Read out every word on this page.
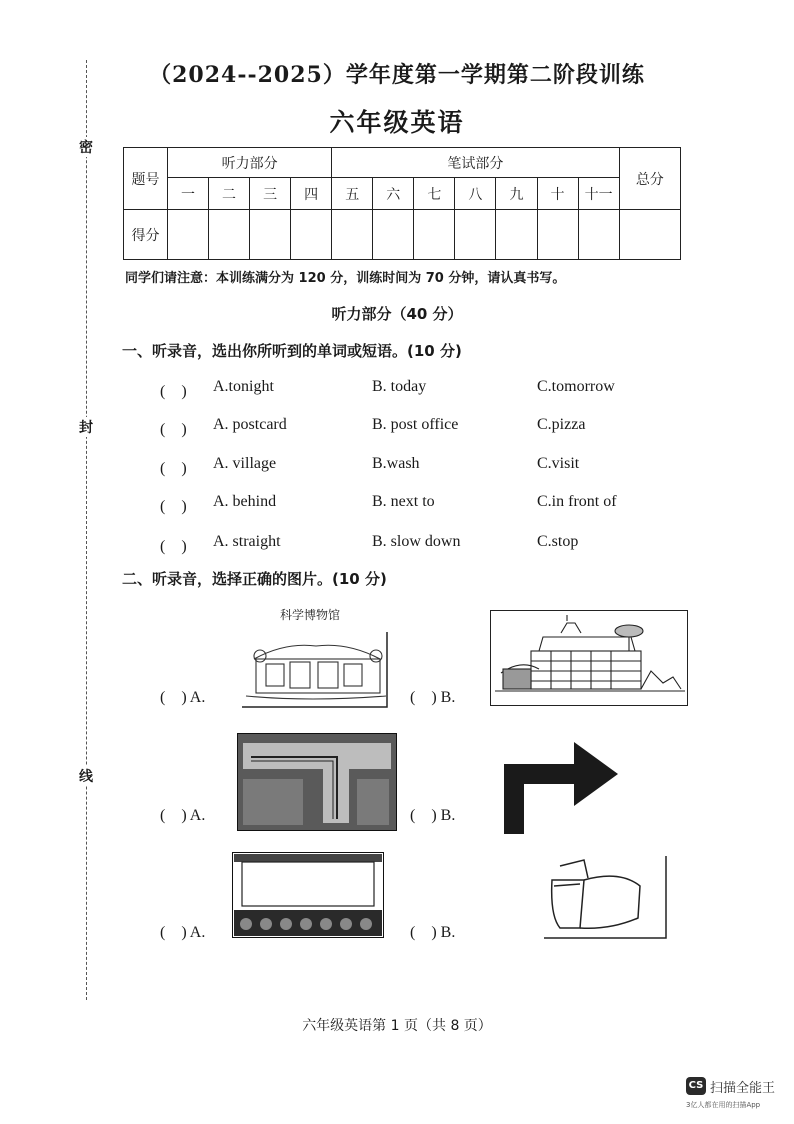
密
封
线
（2024--2025）学年度第一学期第二阶段训练
六年级英语
题号	听力部分				笔试部分							总分
	一	二	三	四	五	六	七	八	九	十	十一	
得分												
同学们请注意：本训练满分为 120 分，训练时间为 70 分钟，请认真书写。
听力部分（40 分）
一、听录音，选出你所听到的单词或短语。(10 分)
(　) A.tonight	B. today	C.tomorrow
(　) A. postcard	B. post office	C.pizza
(　) A. village	B.wash	C.visit
(　) A. behind	B. next to	C.in front of
(　) A. straight	B. slow down	C.stop
二、听录音，选择正确的图片。(10 分)
(　) A.
科学博物馆
(　) B.
(　) A.	(　) B.
(　) A.	(　) B.
六年级英语第 1 页（共 8 页）
CS 扫描全能王
3亿人都在用的扫描App
